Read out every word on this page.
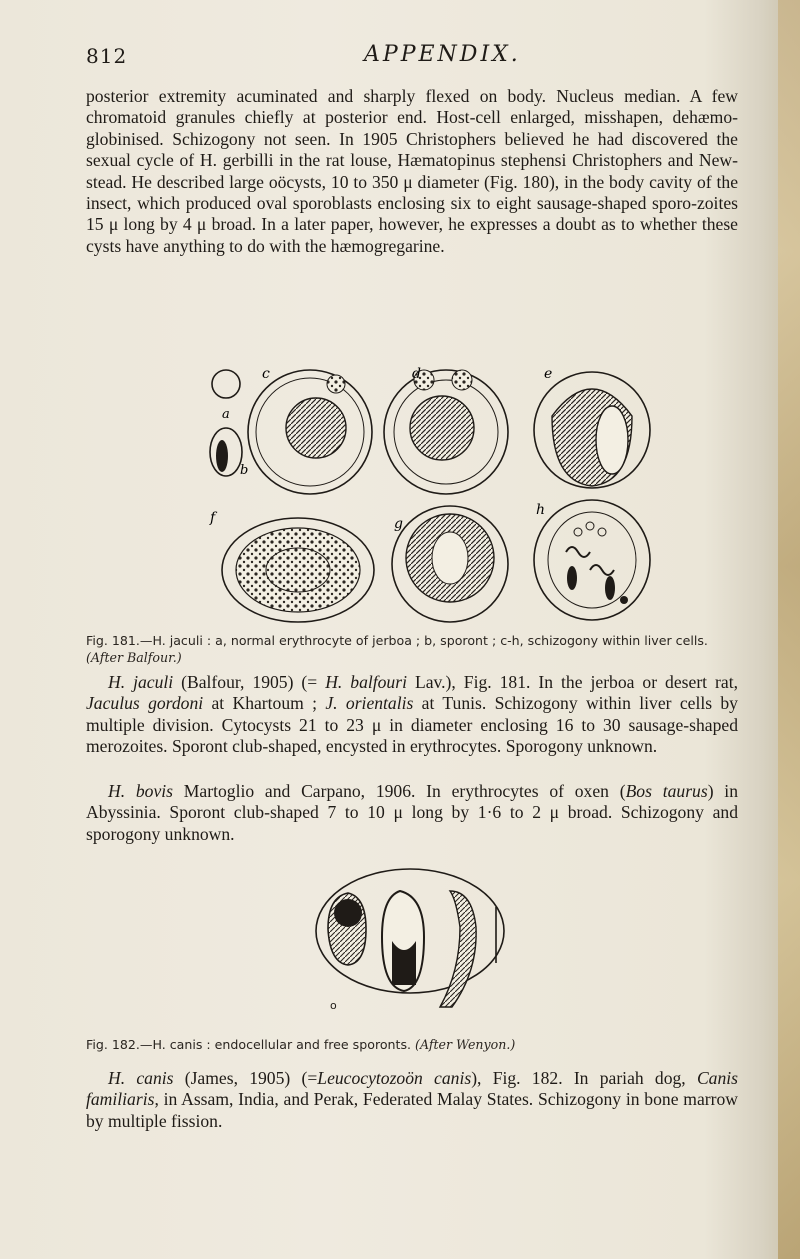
812	APPENDIX.

posterior extremity acuminated and sharply flexed on body. Nucleus median. A few chromatoid granules chiefly at posterior end. Host-cell enlarged, misshapen, dehæmo-globinised. Schizogony not seen. In 1905 Christophers believed he had discovered the sexual cycle of H. gerbilli in the rat louse, Hæmatopinus stephensi Christophers and New-stead. He described large oöcysts, 10 to 350 μ diameter (Fig. 180), in the body cavity of the insect, which produced oval sporoblasts enclosing six to eight sausage-shaped sporo-zoites 15 μ long by 4 μ broad. In a later paper, however, he expresses a doubt as to whether these cysts have anything to do with the hæmogregarine.

a
b
c	d	e
f	g
h

Fig. 181.—H. jaculi : a, normal erythrocyte of jerboa ; b, sporont ; c-h, schizogony within liver cells. (After Balfour.)

H. jaculi (Balfour, 1905) (= H. balfouri Lav.), Fig. 181. In the jerboa or desert rat, Jaculus gordoni at Khartoum ; J. orientalis at Tunis. Schizogony within liver cells by multiple division. Cytocysts 21 to 23 μ in diameter enclosing 16 to 30 sausage-shaped merozoites. Sporont club-shaped, encysted in erythrocytes. Sporogony unknown.

H. bovis Martoglio and Carpano, 1906. In erythrocytes of oxen (Bos taurus) in Abyssinia. Sporont club-shaped 7 to 10 μ long by 1·6 to 2 μ broad. Schizogony and sporogony unknown.

o

Fig. 182.—H. canis : endocellular and free sporonts. (After Wenyon.)

H. canis (James, 1905) (=Leucocytozoön canis), Fig. 182. In pariah dog, Canis familiaris, in Assam, India, and Perak, Federated Malay States. Schizogony in bone marrow by multiple fission.
